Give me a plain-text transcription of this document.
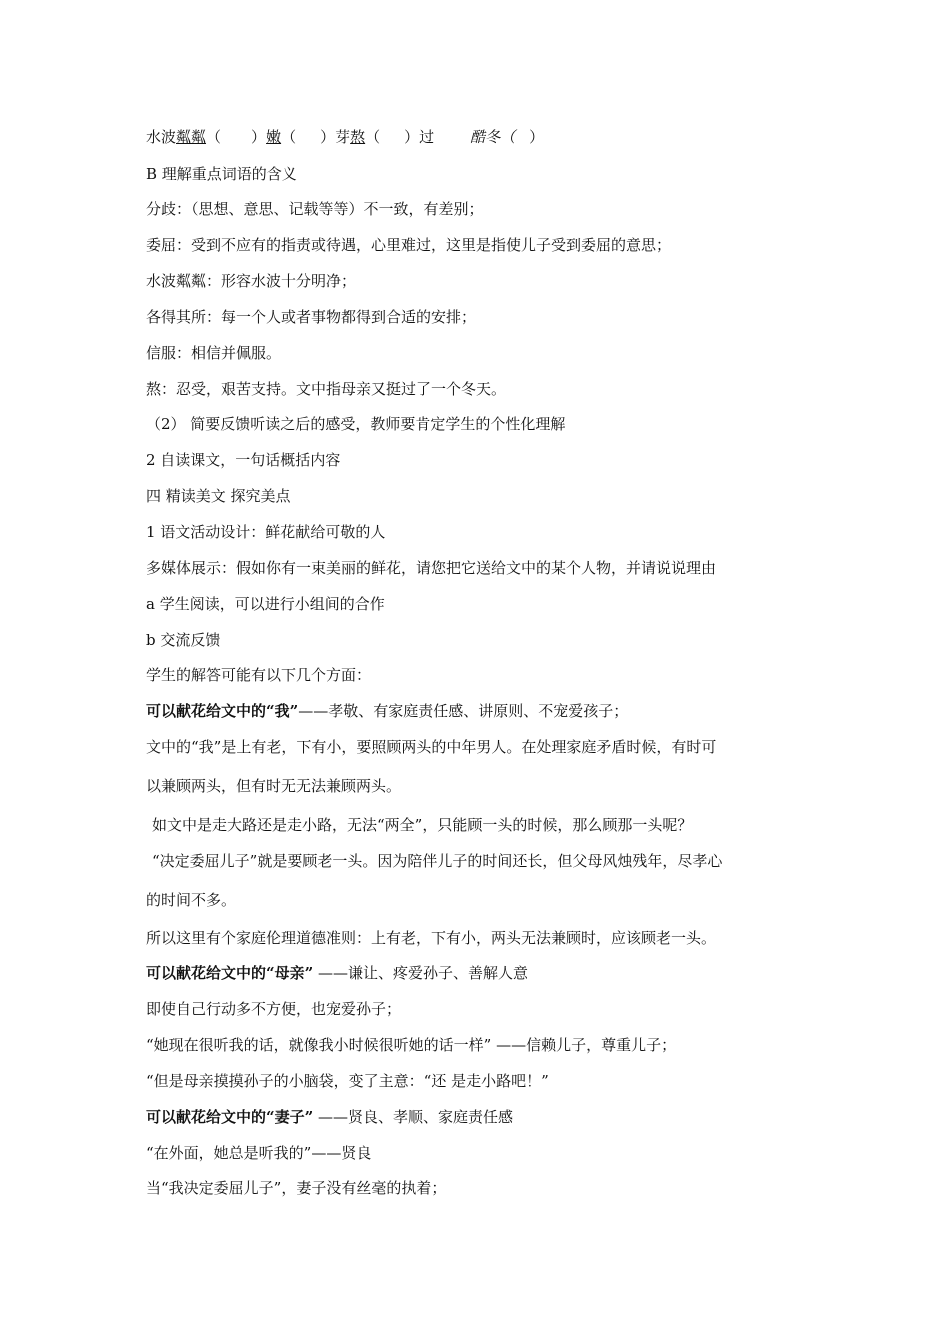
水波粼粼（ ）嫩（ ）芽熬（ ）过 酷冬（ ）
B 理解重点词语的含义
分歧：（思想、意思、记载等等）不一致，有差别；
委屈：受到不应有的指责或待遇，心里难过，这里是指使儿子受到委屈的意思；
水波粼粼：形容水波十分明净；
各得其所：每一个人或者事物都得到合适的安排；
信服：相信并佩服。
熬：忍受，艰苦支持。文中指母亲又挺过了一个冬天。
（2） 简要反馈听读之后的感受，教师要肯定学生的个性化理解
2 自读课文，一句话概括内容
四 精读美文 探究美点
1 语文活动设计：鲜花献给可敬的人
多媒体展示：假如你有一束美丽的鲜花，请您把它送给文中的某个人物，并请说说理由
a 学生阅读，可以进行小组间的合作
b 交流反馈
学生的解答可能有以下几个方面：
可以献花给文中的“我”——孝敬、有家庭责任感、讲原则、不宠爱孩子；
文中的“我”是上有老，下有小，要照顾两头的中年男人。在处理家庭矛盾时候，有时可
以兼顾两头，但有时无无法兼顾两头。
如文中是走大路还是走小路，无法“两全”，只能顾一头的时候，那么顾那一头呢？
“决定委屈儿子”就是要顾老一头。因为陪伴儿子的时间还长，但父母风烛残年，尽孝心
的时间不多。
所以这里有个家庭伦理道德准则：上有老，下有小，两头无法兼顾时，应该顾老一头。
可以献花给文中的“母亲” ——谦让、疼爱孙子、善解人意
即使自己行动多不方便，也宠爱孙子；
“她现在很听我的话，就像我小时候很听她的话一样” ——信赖儿子，尊重儿子；
“但是母亲摸摸孙子的小脑袋，变了主意：“还 是走小路吧！”
可以献花给文中的“妻子” ——贤良、孝顺、家庭责任感
“在外面，她总是听我的”——贤良
当“我决定委屈儿子”，妻子没有丝毫的执着；
